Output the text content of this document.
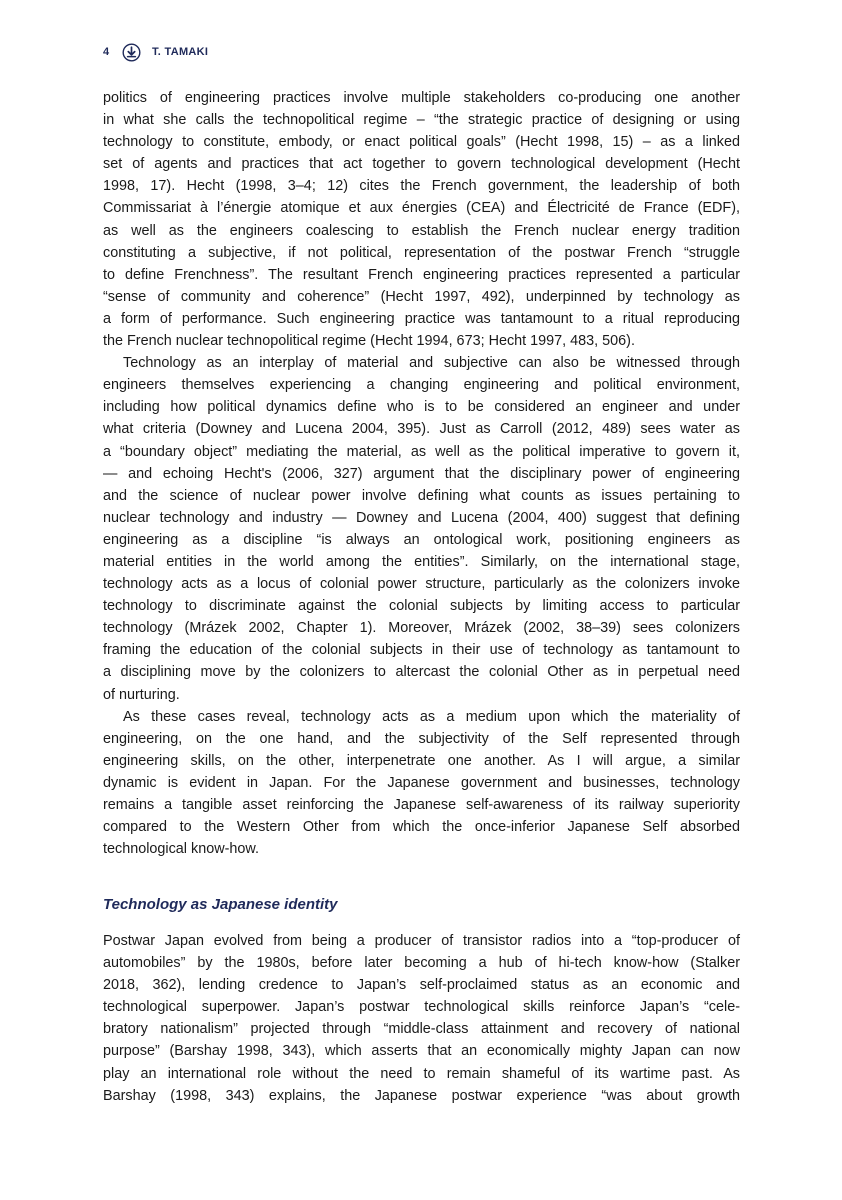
4	T. TAMAKI

politics of engineering practices involve multiple stakeholders co-producing one another
in what she calls the technopolitical regime – “the strategic practice of designing or using
technology to constitute, embody, or enact political goals” (Hecht 1998, 15) – as a linked
set of agents and practices that act together to govern technological development (Hecht
1998, 17). Hecht (1998, 3–4; 12) cites the French government, the leadership of both
Commissariat à l’énergie atomique et aux énergies (CEA) and Électricité de France (EDF),
as well as the engineers coalescing to establish the French nuclear energy tradition
constituting a subjective, if not political, representation of the postwar French “struggle
to define Frenchness”. The resultant French engineering practices represented a particular
“sense of community and coherence” (Hecht 1997, 492), underpinned by technology as
a form of performance. Such engineering practice was tantamount to a ritual reproducing
the French nuclear technopolitical regime (Hecht 1994, 673; Hecht 1997, 483, 506).

Technology as an interplay of material and subjective can also be witnessed through
engineers themselves experiencing a changing engineering and political environment,
including how political dynamics define who is to be considered an engineer and under
what criteria (Downey and Lucena 2004, 395). Just as Carroll (2012, 489) sees water as
a “boundary object” mediating the material, as well as the political imperative to govern it,
— and echoing Hecht's (2006, 327) argument that the disciplinary power of engineering
and the science of nuclear power involve defining what counts as issues pertaining to
nuclear technology and industry — Downey and Lucena (2004, 400) suggest that defining
engineering as a discipline “is always an ontological work, positioning engineers as
material entities in the world among the entities”. Similarly, on the international stage,
technology acts as a locus of colonial power structure, particularly as the colonizers invoke
technology to discriminate against the colonial subjects by limiting access to particular
technology (Mrázek 2002, Chapter 1). Moreover, Mrázek (2002, 38–39) sees colonizers
framing the education of the colonial subjects in their use of technology as tantamount to
a disciplining move by the colonizers to altercast the colonial Other as in perpetual need
of nurturing.

As these cases reveal, technology acts as a medium upon which the materiality of
engineering, on the one hand, and the subjectivity of the Self represented through
engineering skills, on the other, interpenetrate one another. As I will argue, a similar
dynamic is evident in Japan. For the Japanese government and businesses, technology
remains a tangible asset reinforcing the Japanese self-awareness of its railway superiority
compared to the Western Other from which the once-inferior Japanese Self absorbed
technological know-how.

Technology as Japanese identity

Postwar Japan evolved from being a producer of transistor radios into a “top-producer of
automobiles” by the 1980s, before later becoming a hub of hi-tech know-how (Stalker
2018, 362), lending credence to Japan’s self-proclaimed status as an economic and
technological superpower. Japan’s postwar technological skills reinforce Japan’s “cele-
bratory nationalism” projected through “middle-class attainment and recovery of national
purpose” (Barshay 1998, 343), which asserts that an economically mighty Japan can now
play an international role without the need to remain shameful of its wartime past. As
Barshay (1998, 343) explains, the Japanese postwar experience “was about growth
